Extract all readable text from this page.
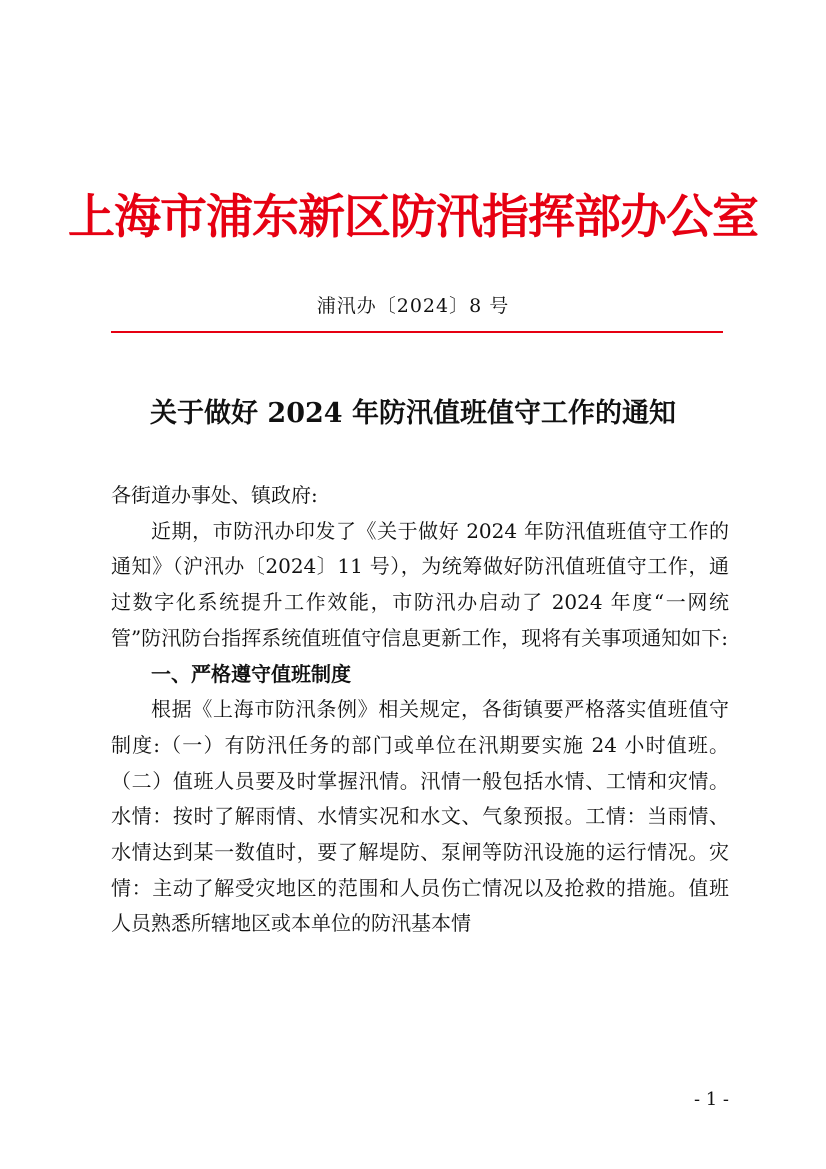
上海市浦东新区防汛指挥部办公室
浦汛办〔2024〕8 号
关于做好 2024 年防汛值班值守工作的通知

各街道办事处、镇政府:

近期，市防汛办印发了《关于做好 2024 年防汛值班值守工作的通知》（沪汛办〔2024〕11 号），为统筹做好防汛值班值守工作，通过数字化系统提升工作效能，市防汛办启动了 2024 年度“一网统管”防汛防台指挥系统值班值守信息更新工作，现将有关事项通知如下:

一、严格遵守值班制度

根据《上海市防汛条例》相关规定，各街镇要严格落实值班值守制度:（一）有防汛任务的部门或单位在汛期要实施 24 小时值班。（二）值班人员要及时掌握汛情。汛情一般包括水情、工情和灾情。水情：按时了解雨情、水情实况和水文、气象预报。工情：当雨情、水情达到某一数值时，要了解堤防、泵闸等防汛设施的运行情况。灾情：主动了解受灾地区的范围和人员伤亡情况以及抢救的措施。值班人员熟悉所辖地区或本单位的防汛基本情

- 1 -
